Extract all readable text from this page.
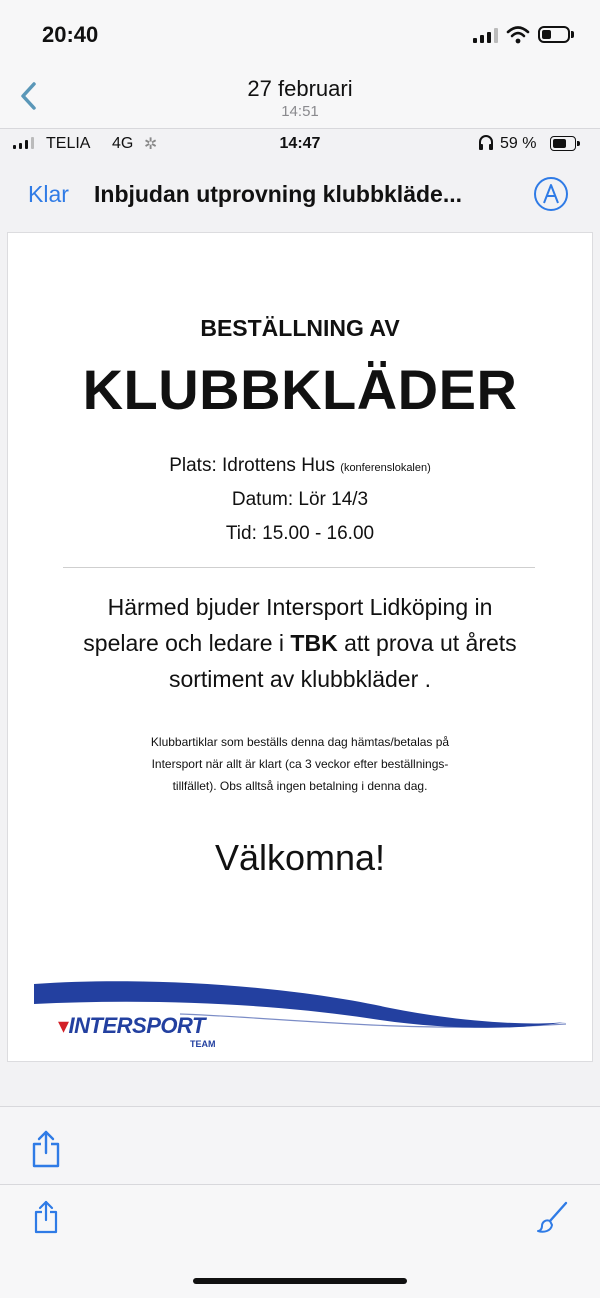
20:40
27 februari
14:51
TELIA 4G ✲	14:47	59 %
Klar Inbjudan utprovning klubbkläde...
BESTÄLLNING AV
KLUBBKLÄDER
Plats: Idrottens Hus (konferenslokalen)
Datum: Lör 14/3
Tid: 15.00 - 16.00
Härmed bjuder Intersport Lidköping in
spelare och ledare i TBK att prova ut årets
sortiment av klubbkläder .
Klubbartiklar som beställs denna dag hämtas/betalas på
Intersport när allt är klart (ca 3 veckor efter beställnings-
tillfället). Obs alltså ingen betalning i denna dag.
Välkomna!
▾INTERSPORT
TEAM
